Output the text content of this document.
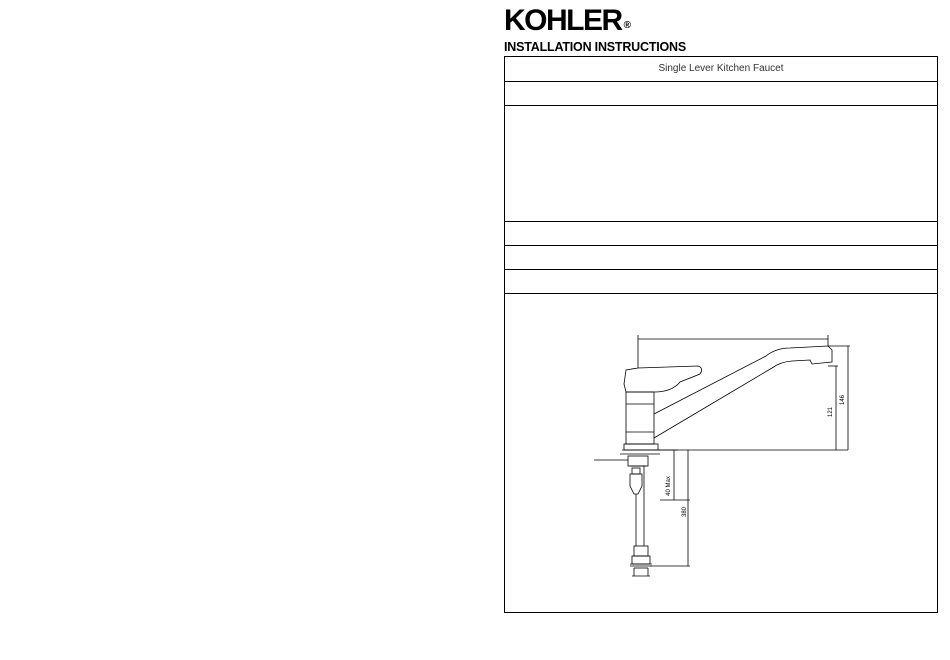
KOHLER ®
INSTALLATION INSTRUCTIONS
Single Lever Kitchen Faucet
121
146
40 Max
380
